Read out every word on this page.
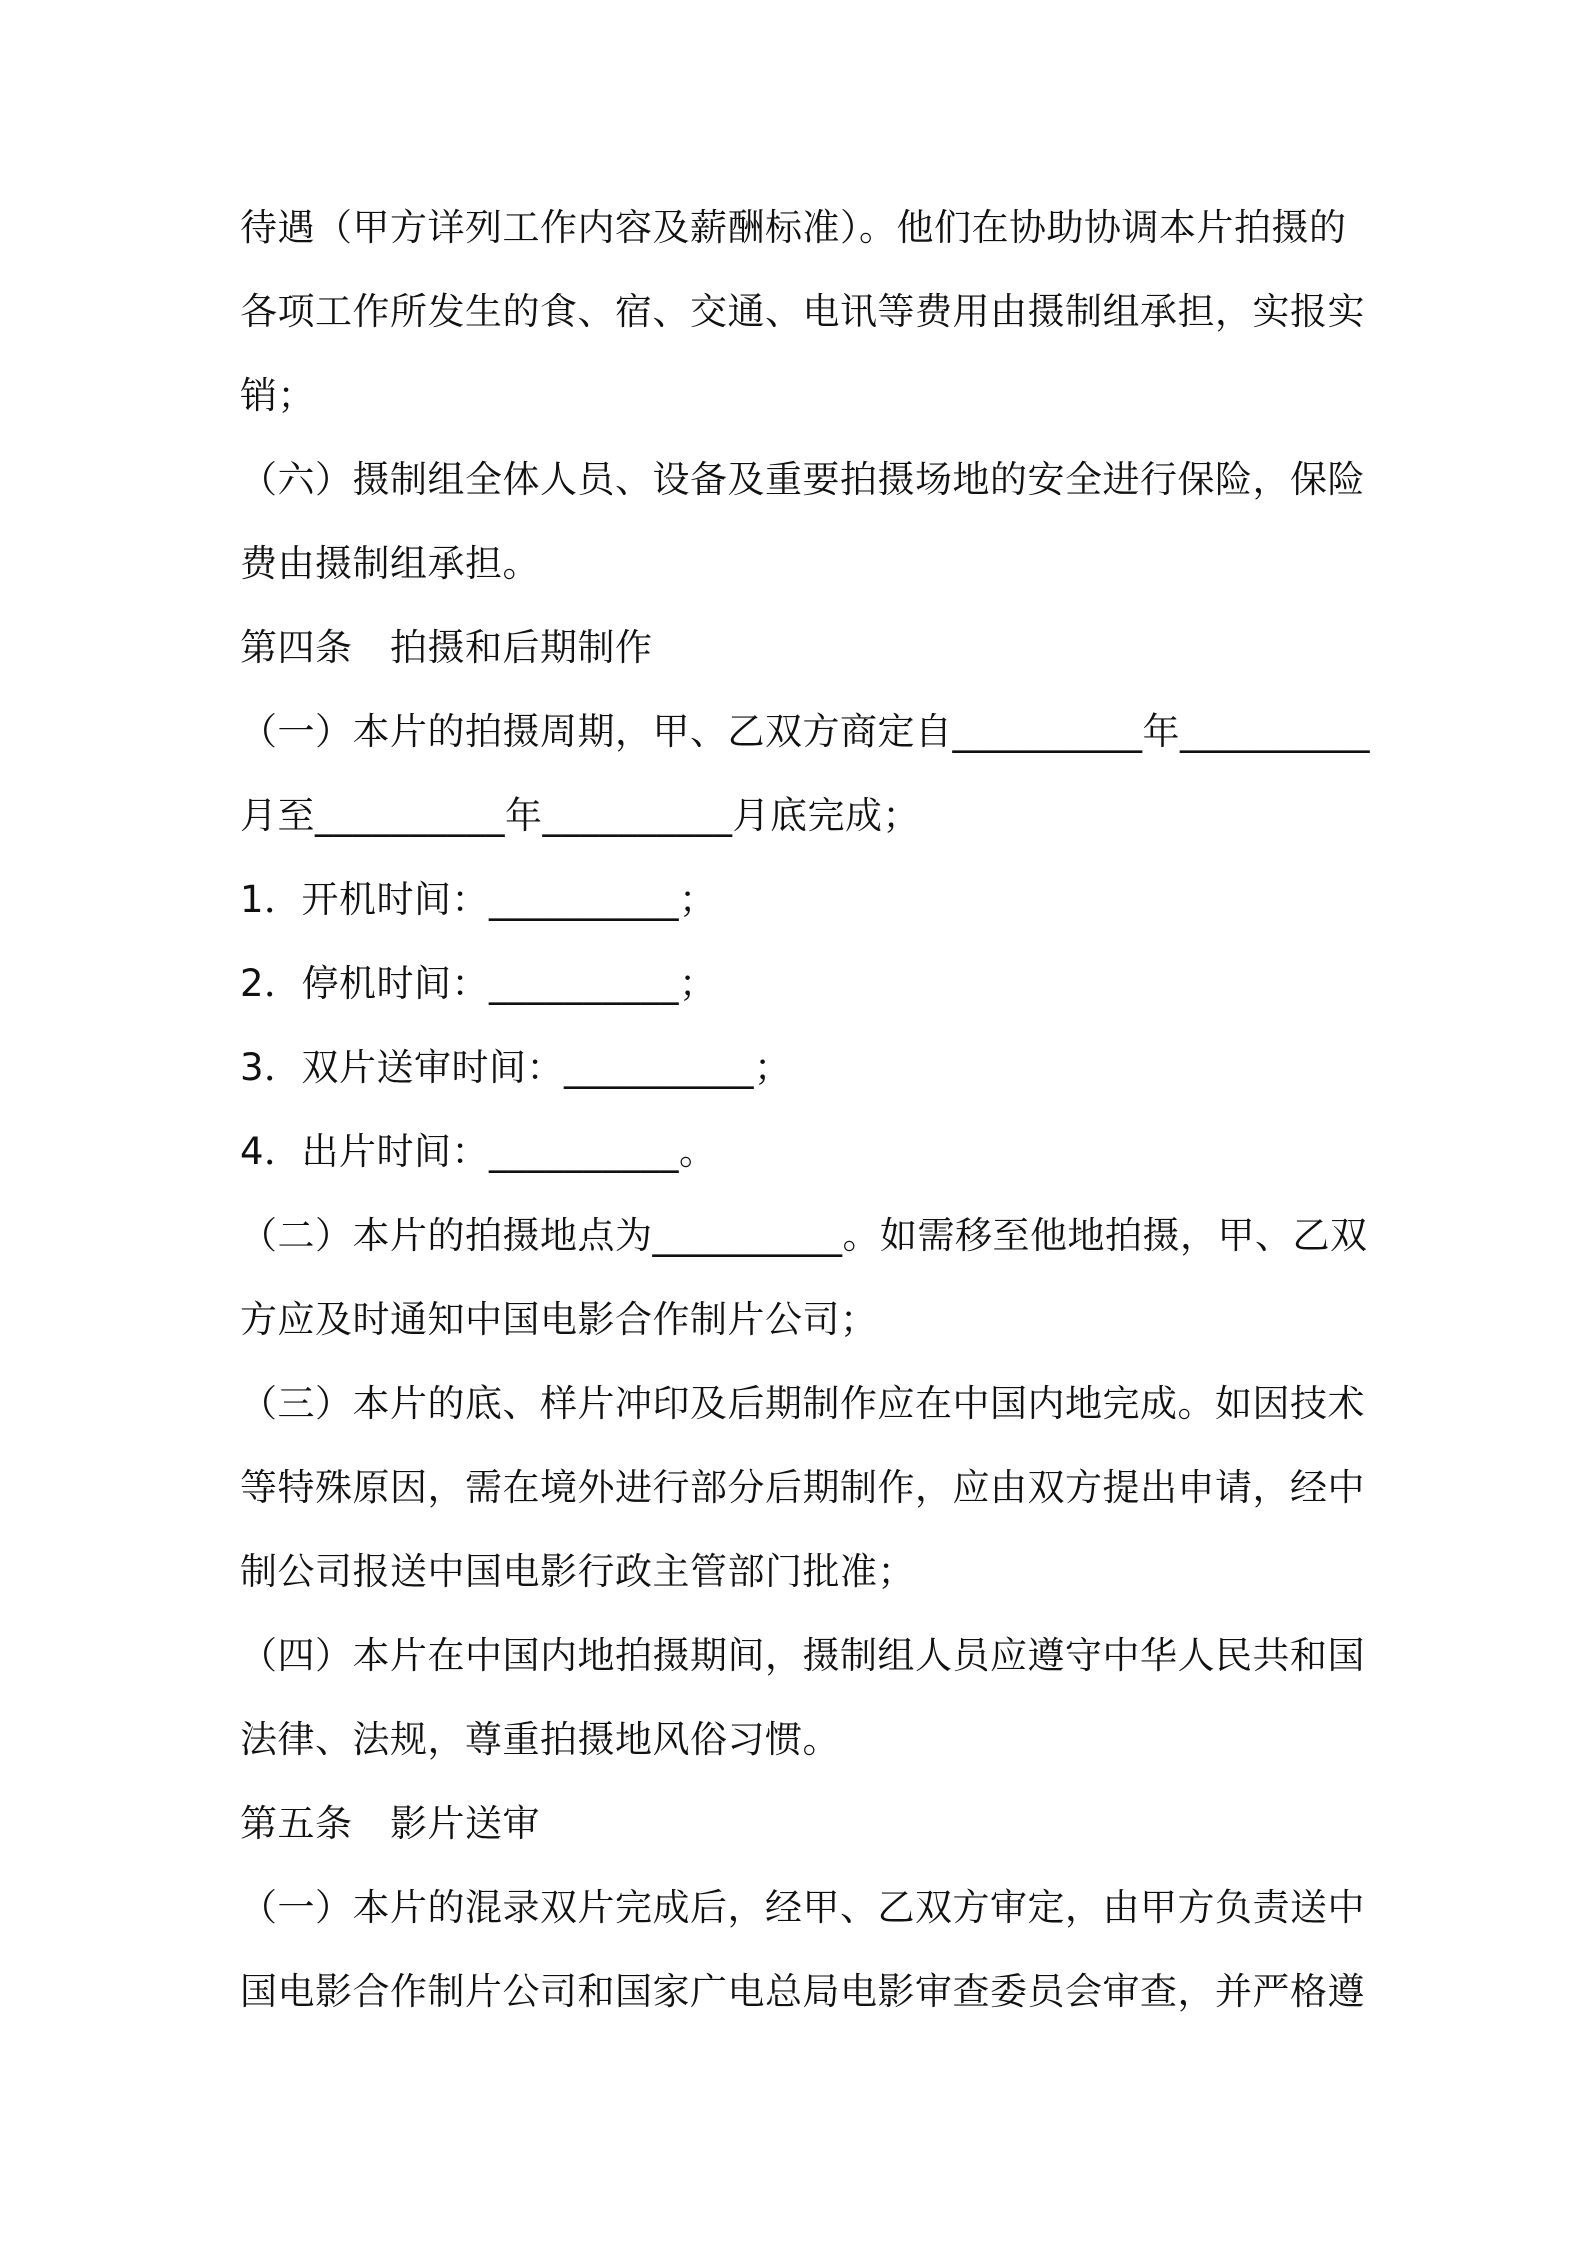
待遇（甲方详列工作内容及薪酬标准）。他们在协助协调本片拍摄的
各项工作所发生的食、宿、交通、电讯等费用由摄制组承担，实报实
销；
（六）摄制组全体人员、设备及重要拍摄场地的安全进行保险，保险
费由摄制组承担。
第四条　拍摄和后期制作
（一）本片的拍摄周期，甲、乙双方商定自__________年__________
月至__________年__________月底完成；
1．开机时间：__________；
2．停机时间：__________；
3．双片送审时间：__________；
4．出片时间：__________。
（二）本片的拍摄地点为__________。如需移至他地拍摄，甲、乙双
方应及时通知中国电影合作制片公司；
（三）本片的底、样片冲印及后期制作应在中国内地完成。如因技术
等特殊原因，需在境外进行部分后期制作，应由双方提出申请，经中
制公司报送中国电影行政主管部门批准；
（四）本片在中国内地拍摄期间，摄制组人员应遵守中华人民共和国
法律、法规，尊重拍摄地风俗习惯。
第五条　影片送审
（一）本片的混录双片完成后，经甲、乙双方审定，由甲方负责送中
国电影合作制片公司和国家广电总局电影审查委员会审查，并严格遵
